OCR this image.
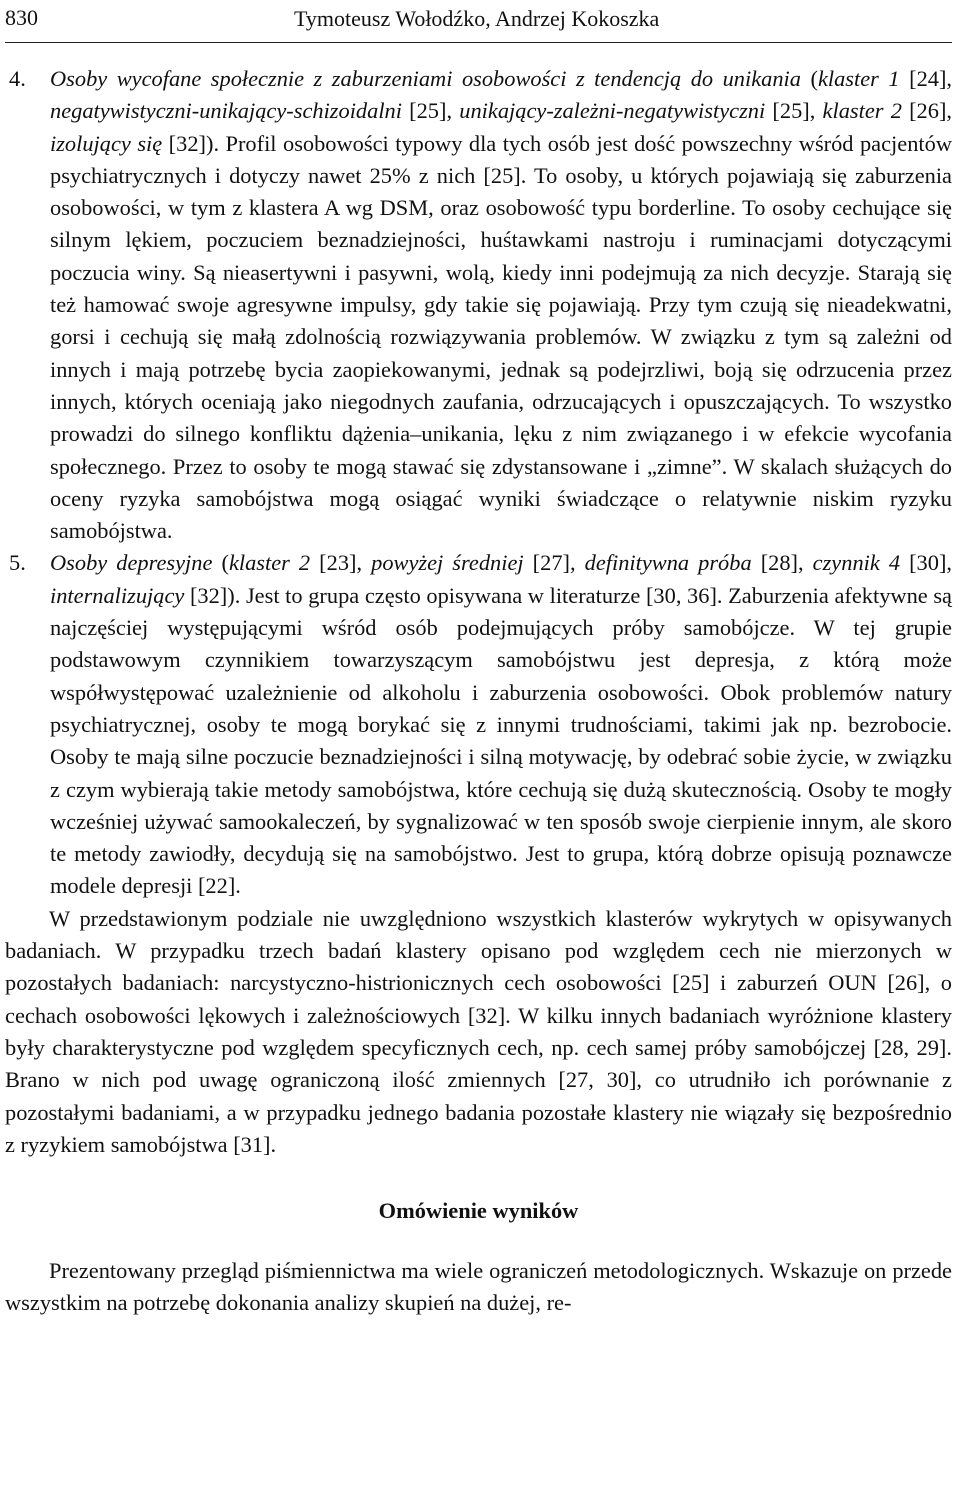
830	Tymoteusz Wołodźko, Andrzej Kokoszka
4. Osoby wycofane społecznie z zaburzeniami osobowości z tendencją do unikania (klaster 1 [24], negatywistyczni-unikający-schizoidalni [25], unikający-zależni-negatywistyczni [25], klaster 2 [26], izolujący się [32]). Profil osobowości typowy dla tych osób jest dość powszechny wśród pacjentów psychiatrycznych i dotyczy nawet 25% z nich [25]. To osoby, u których pojawiają się zaburzenia osobowości, w tym z klastera A wg DSM, oraz osobowość typu borderline. To osoby cechujące się silnym lękiem, poczuciem beznadziejności, huśtawkami nastroju i ruminacjami dotyczącymi poczucia winy. Są nieasertywni i pasywni, wolą, kiedy inni podejmują za nich decyzje. Starają się też hamować swoje agresywne impulsy, gdy takie się pojawiają. Przy tym czują się nieadekwatni, gorsi i cechują się małą zdolnością rozwiązywania problemów. W związku z tym są zależni od innych i mają potrzebę bycia zaopiekowanymi, jednak są podejrzliwi, boją się odrzucenia przez innych, których oceniają jako niegodnych zaufania, odrzucających i opuszczających. To wszystko prowadzi do silnego konfliktu dążenia–unikania, lęku z nim związanego i w efekcie wycofania społecznego. Przez to osoby te mogą stawać się zdystansowane i „zimne”. W skalach służących do oceny ryzyka samobójstwa mogą osiągać wyniki świadczące o relatywnie niskim ryzyku samobójstwa.
5. Osoby depresyjne (klaster 2 [23], powyżej średniej [27], definitywna próba [28], czynnik 4 [30], internalizujący [32]). Jest to grupa często opisywana w literaturze [30, 36]. Zaburzenia afektywne są najczęściej występującymi wśród osób podejmujących próby samobójcze. W tej grupie podstawowym czynnikiem towarzyszącym samobójstwu jest depresja, z którą może współwystępować uzależnienie od alkoholu i zaburzenia osobowości. Obok problemów natury psychiatrycznej, osoby te mogą borykać się z innymi trudnościami, takimi jak np. bezrobocie. Osoby te mają silne poczucie beznadziejności i silną motywację, by odebrać sobie życie, w związku z czym wybierają takie metody samobójstwa, które cechują się dużą skutecznością. Osoby te mogły wcześniej używać samookaleczeń, by sygnalizować w ten sposób swoje cierpienie innym, ale skoro te metody zawiodły, decydują się na samobójstwo. Jest to grupa, którą dobrze opisują poznawcze modele depresji [22].

W przedstawionym podziale nie uwzględniono wszystkich klasterów wykrytych w opisywanych badaniach. W przypadku trzech badań klastery opisano pod względem cech nie mierzonych w pozostałych badaniach: narcystyczno-histrionicznych cech osobowości [25] i zaburzeń OUN [26], o cechach osobowości lękowych i zależnościowych [32]. W kilku innych badaniach wyróżnione klastery były charakterystyczne pod względem specyficznych cech, np. cech samej próby samobójczej [28, 29]. Brano w nich pod uwagę ograniczoną ilość zmiennych [27, 30], co utrudniło ich porównanie z pozostałymi badaniami, a w przypadku jednego badania pozostałe klastery nie wiązały się bezpośrednio z ryzykiem samobójstwa [31].

Omówienie wyników

Prezentowany przegląd piśmiennictwa ma wiele ograniczeń metodologicznych. Wskazuje on przede wszystkim na potrzebę dokonania analizy skupień na dużej, re-
